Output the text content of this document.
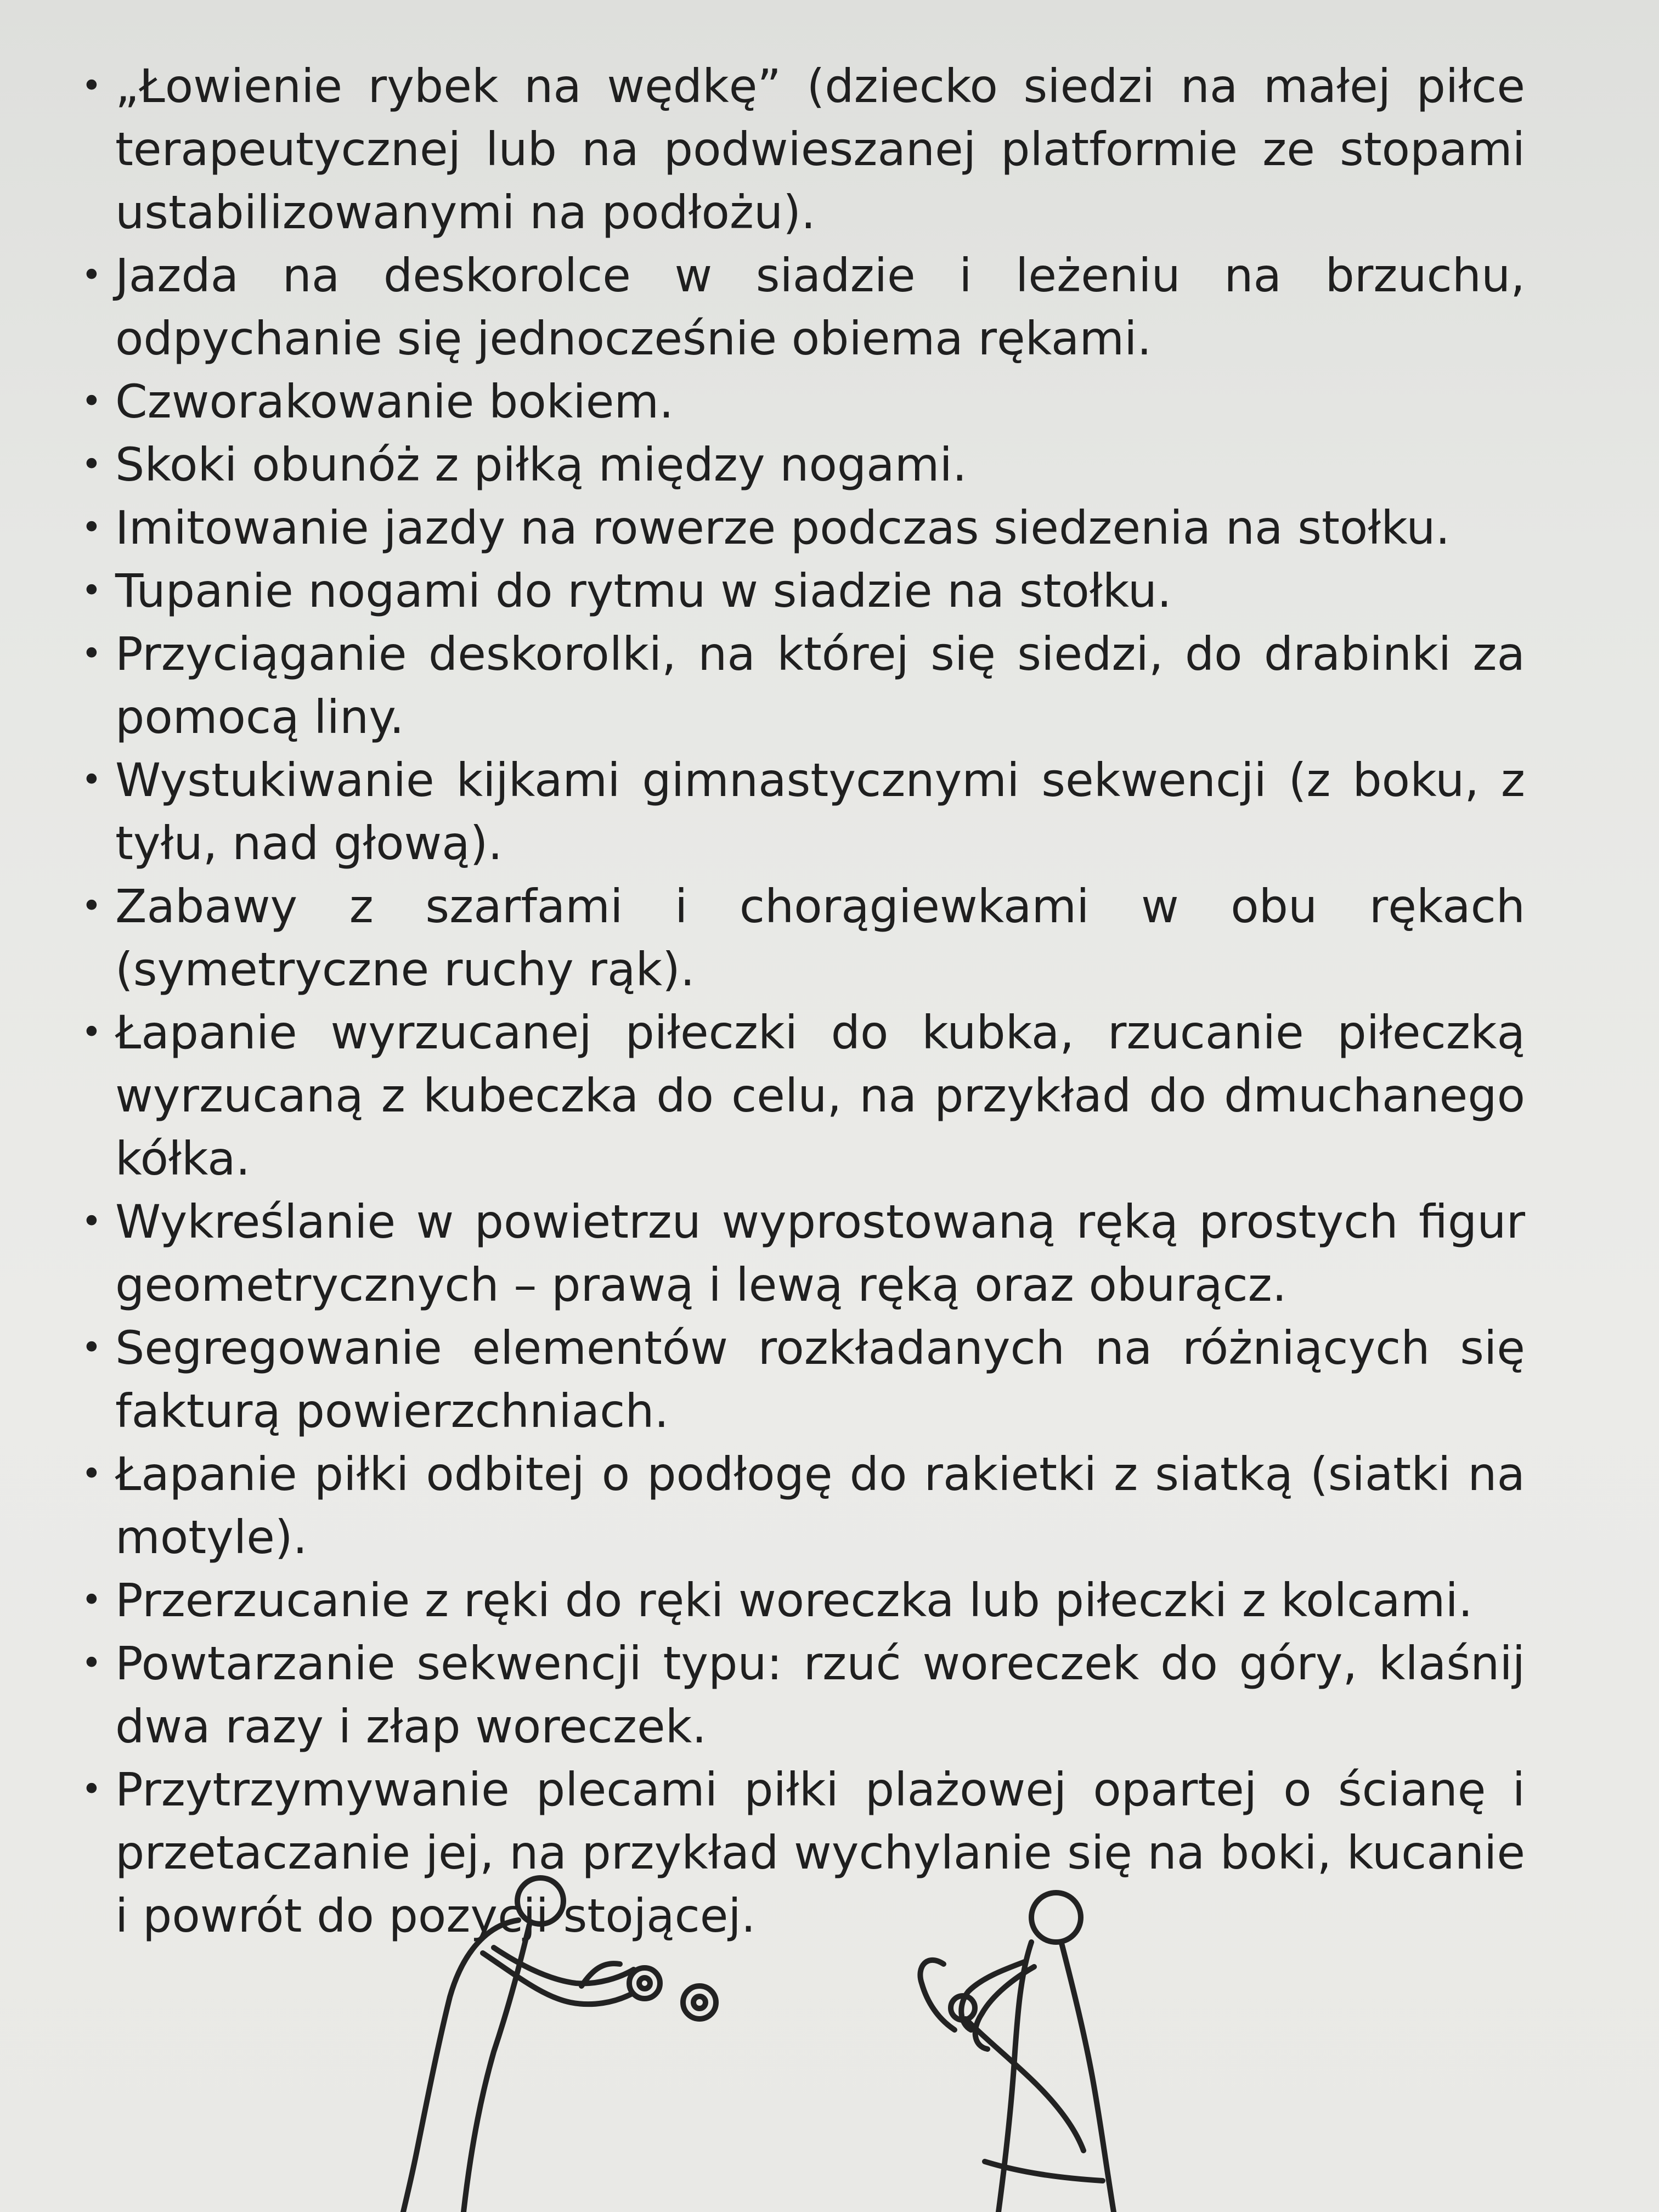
• „Łowienie rybek na wędkę” (dziecko siedzi na małej piłce terapeutycznej lub na podwieszanej platformie ze stopami ustabilizowanymi na podłożu).
• Jazda na deskorolce w siadzie i leżeniu na brzuchu, odpychanie się jednocześnie obiema rękami.
• Czworakowanie bokiem.
• Skoki obunóż z piłką między nogami.
• Imitowanie jazdy na rowerze podczas siedzenia na stołku.
• Tupanie nogami do rytmu w siadzie na stołku.
• Przyciąganie deskorolki, na której się siedzi, do drabinki za pomocą liny.
• Wystukiwanie kijkami gimnastycznymi sekwencji (z boku, z tyłu, nad głową).
• Zabawy z szarfami i chorągiewkami w obu rękach (symetryczne ruchy rąk).
• Łapanie wyrzucanej piłeczki do kubka, rzucanie piłeczką wyrzucaną z kubeczka do celu, na przykład do dmuchanego kółka.
• Wykreślanie w powietrzu wyprostowaną ręką prostych figur geometrycznych – prawą i lewą ręką oraz oburącz.
• Segregowanie elementów rozkładanych na różniących się fakturą powierzchniach.
• Łapanie piłki odbitej o podłogę do rakietki z siatką (siatki na motyle).
• Przerzucanie z ręki do ręki woreczka lub piłeczki z kolcami.
• Powtarzanie sekwencji typu: rzuć woreczek do góry, klaśnij dwa razy i złap woreczek.
• Przytrzymywanie plecami piłki plażowej opartej o ścianę i przetaczanie jej, na przykład wychylanie się na boki, kucanie i powrót do pozycji stojącej.
